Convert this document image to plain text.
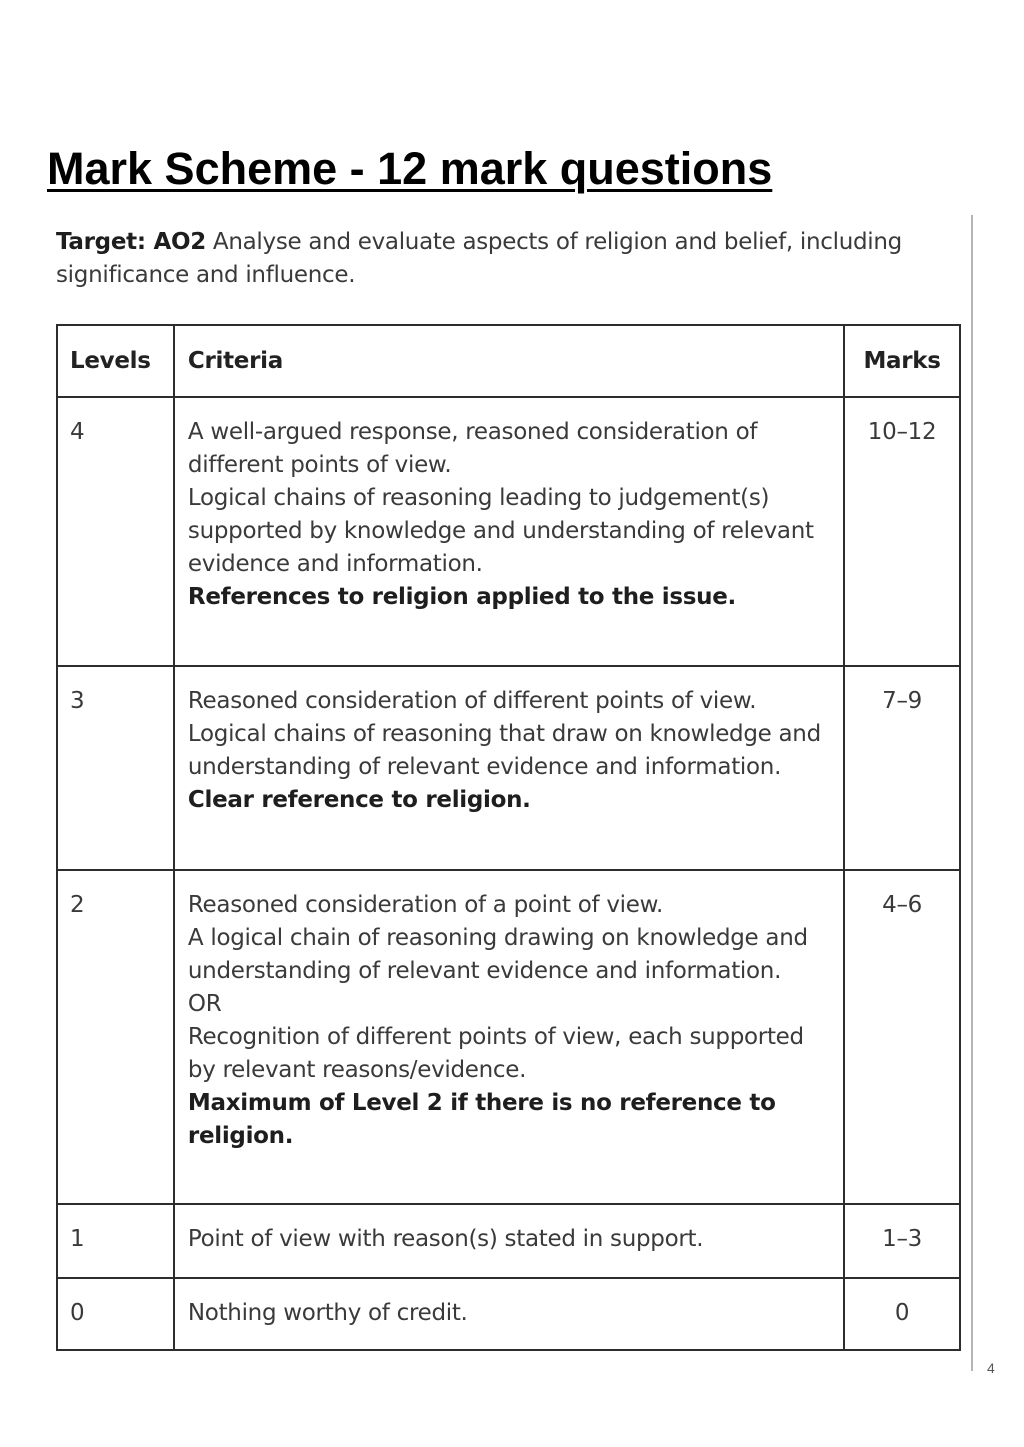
Mark Scheme - 12 mark questions

Target: AO2 Analyse and evaluate aspects of religion and belief, including significance and influence.

Levels	Criteria	Marks
4	A well-argued response, reasoned consideration of different points of view.
Logical chains of reasoning leading to judgement(s) supported by knowledge and understanding of relevant evidence and information.
References to religion applied to the issue.	10–12
3	Reasoned consideration of different points of view.
Logical chains of reasoning that draw on knowledge and understanding of relevant evidence and information.
Clear reference to religion.	7–9
2	Reasoned consideration of a point of view.
A logical chain of reasoning drawing on knowledge and understanding of relevant evidence and information.
OR
Recognition of different points of view, each supported by relevant reasons/evidence.
Maximum of Level 2 if there is no reference to religion.	4–6
1	Point of view with reason(s) stated in support.	1–3
0	Nothing worthy of credit.	0
4
